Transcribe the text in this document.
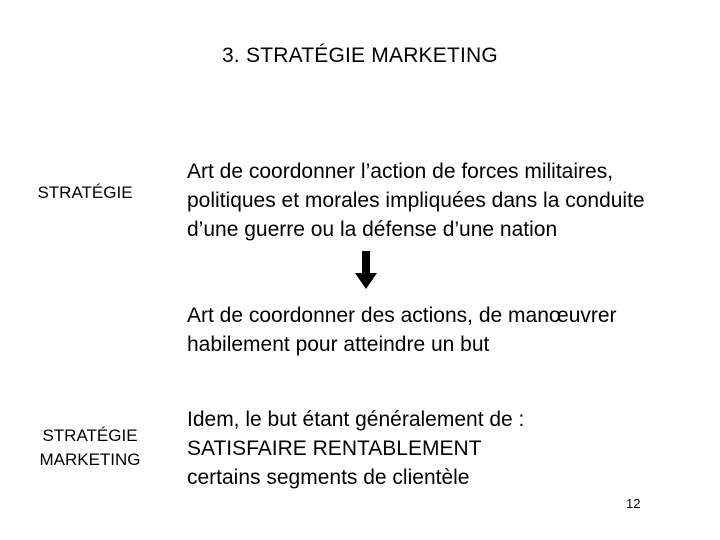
3. STRATÉGIE MARKETING
STRATÉGIE
STRATÉGIE
MARKETING
Art de coordonner l’action de forces militaires,
politiques et morales impliquées dans la conduite
d’une guerre ou la défense d’une nation
Art de coordonner des actions, de manœuvrer
habilement pour atteindre un but
Idem, le but étant généralement de :
SATISFAIRE RENTABLEMENT
certains segments de clientèle
12
